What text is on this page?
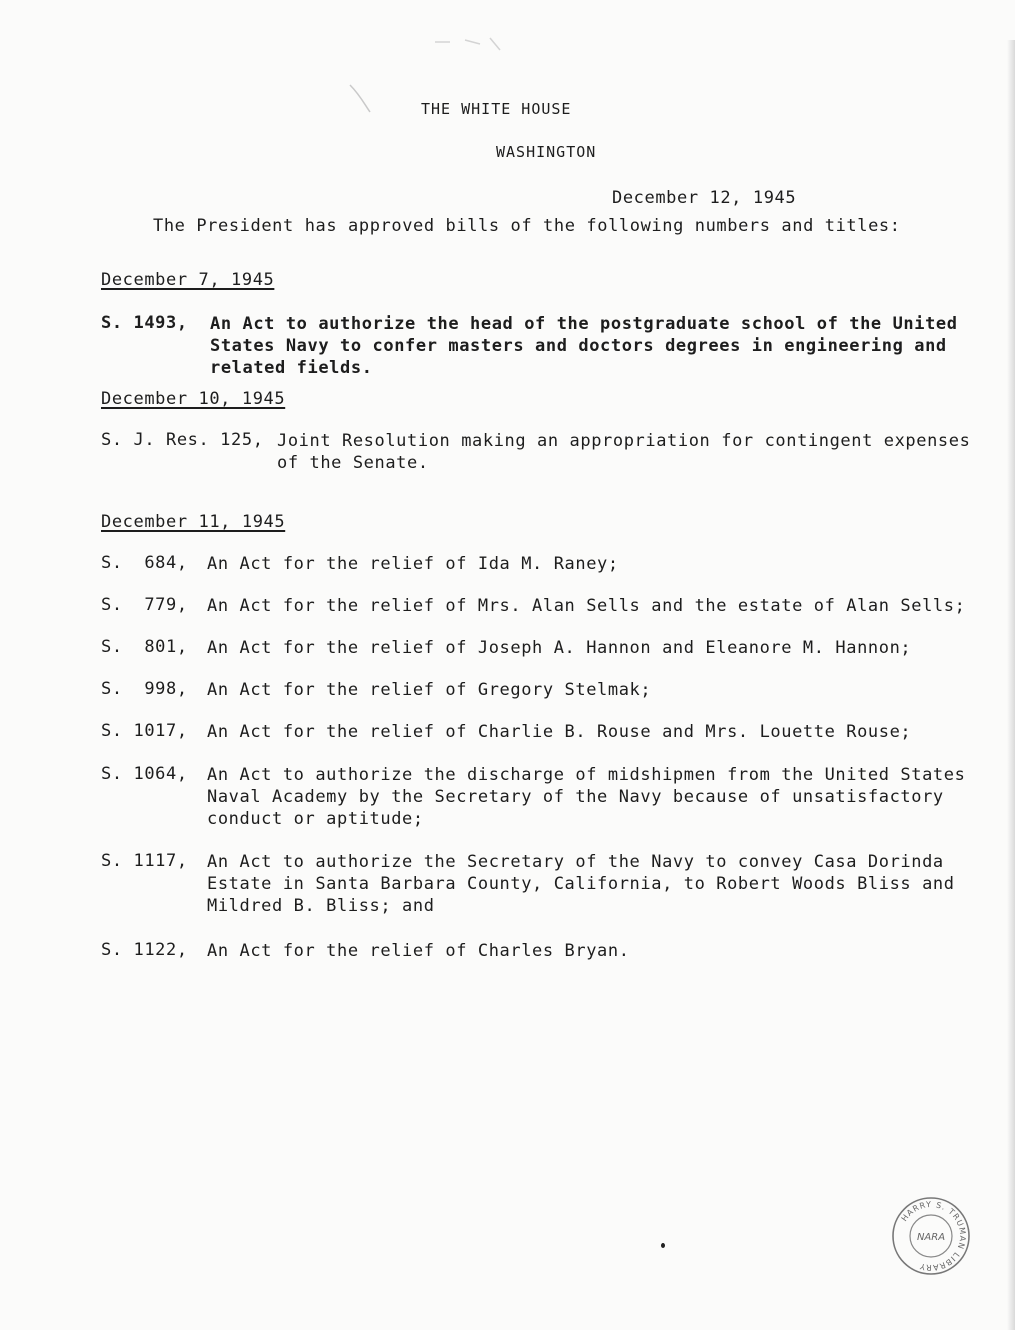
THE WHITE HOUSE
WASHINGTON
December 12, 1945
The President has approved bills of the following numbers and titles:
December 7, 1945
S. 1493, An Act to authorize the head of the postgraduate school of the United
States Navy to confer masters and doctors degrees in engineering and
related fields.
December 10, 1945
S. J. Res. 125, Joint Resolution making an appropriation for contingent expenses
of the Senate.
December 11, 1945
S.  684, An Act for the relief of Ida M. Raney;
S.  779, An Act for the relief of Mrs. Alan Sells and the estate of Alan Sells;
S.  801, An Act for the relief of Joseph A. Hannon and Eleanore M. Hannon;
S.  998, An Act for the relief of Gregory Stelmak;
S. 1017, An Act for the relief of Charlie B. Rouse and Mrs. Louette Rouse;
S. 1064, An Act to authorize the discharge of midshipmen from the United States
Naval Academy by the Secretary of the Navy because of unsatisfactory
conduct or aptitude;
S. 1117, An Act to authorize the Secretary of the Navy to convey Casa Dorinda
Estate in Santa Barbara County, California, to Robert Woods Bliss and
Mildred B. Bliss; and
S. 1122, An Act for the relief of Charles Bryan.
HARRY S. TRUMAN LIBRARY
NARA
